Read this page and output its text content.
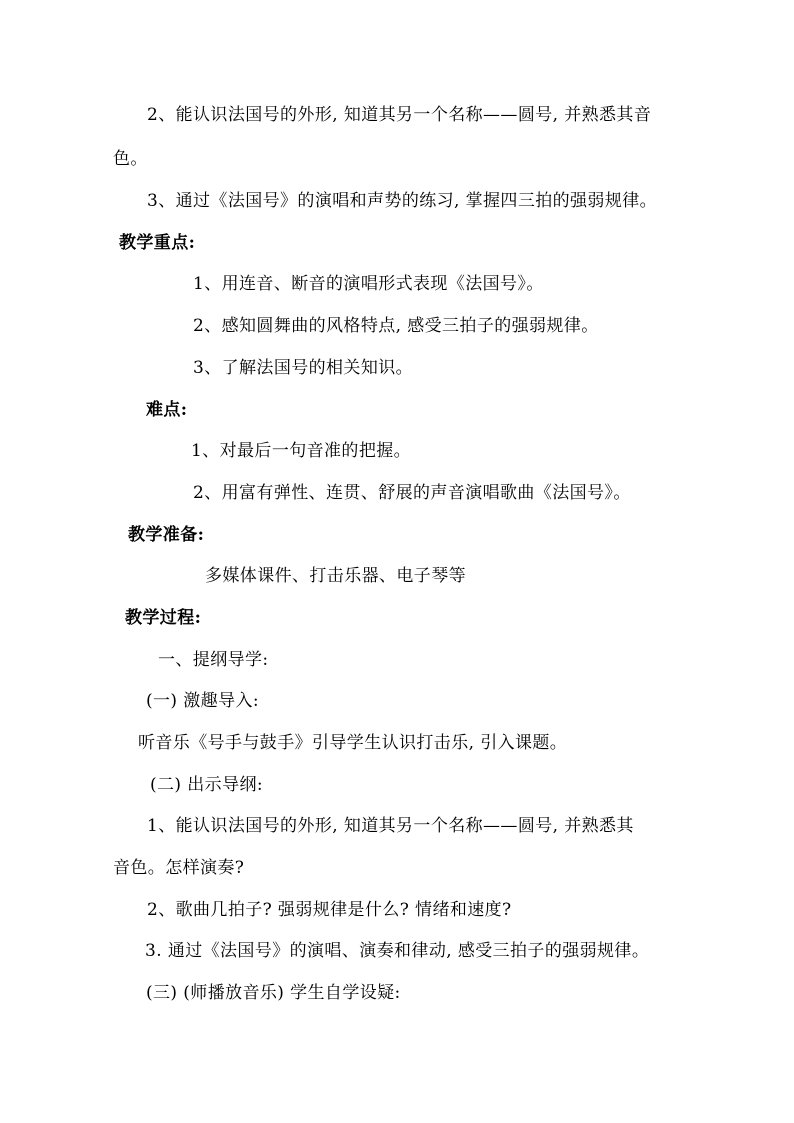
2、能认识法国号的外形, 知道其另一个名称——圆号, 并熟悉其音
色。
3、通过《法国号》的演唱和声势的练习, 掌握四三拍的强弱规律。
教学重点:
1、用连音、断音的演唱形式表现《法国号》。
2、感知圆舞曲的风格特点, 感受三拍子的强弱规律。
3、了解法国号的相关知识。
难点:
1、对最后一句音准的把握。
2、用富有弹性、连贯、舒展的声音演唱歌曲《法国号》。
教学准备:
多媒体课件、打击乐器、电子琴等
教学过程:
一、提纲导学:
(一) 激趣导入:
听音乐《号手与鼓手》引导学生认识打击乐, 引入课题。
(二) 出示导纲:
1、能认识法国号的外形, 知道其另一个名称——圆号, 并熟悉其
音色。怎样演奏?
2、歌曲几拍子? 强弱规律是什么? 情绪和速度?
3. 通过《法国号》的演唱、演奏和律动, 感受三拍子的强弱规律。
(三) (师播放音乐) 学生自学设疑:
